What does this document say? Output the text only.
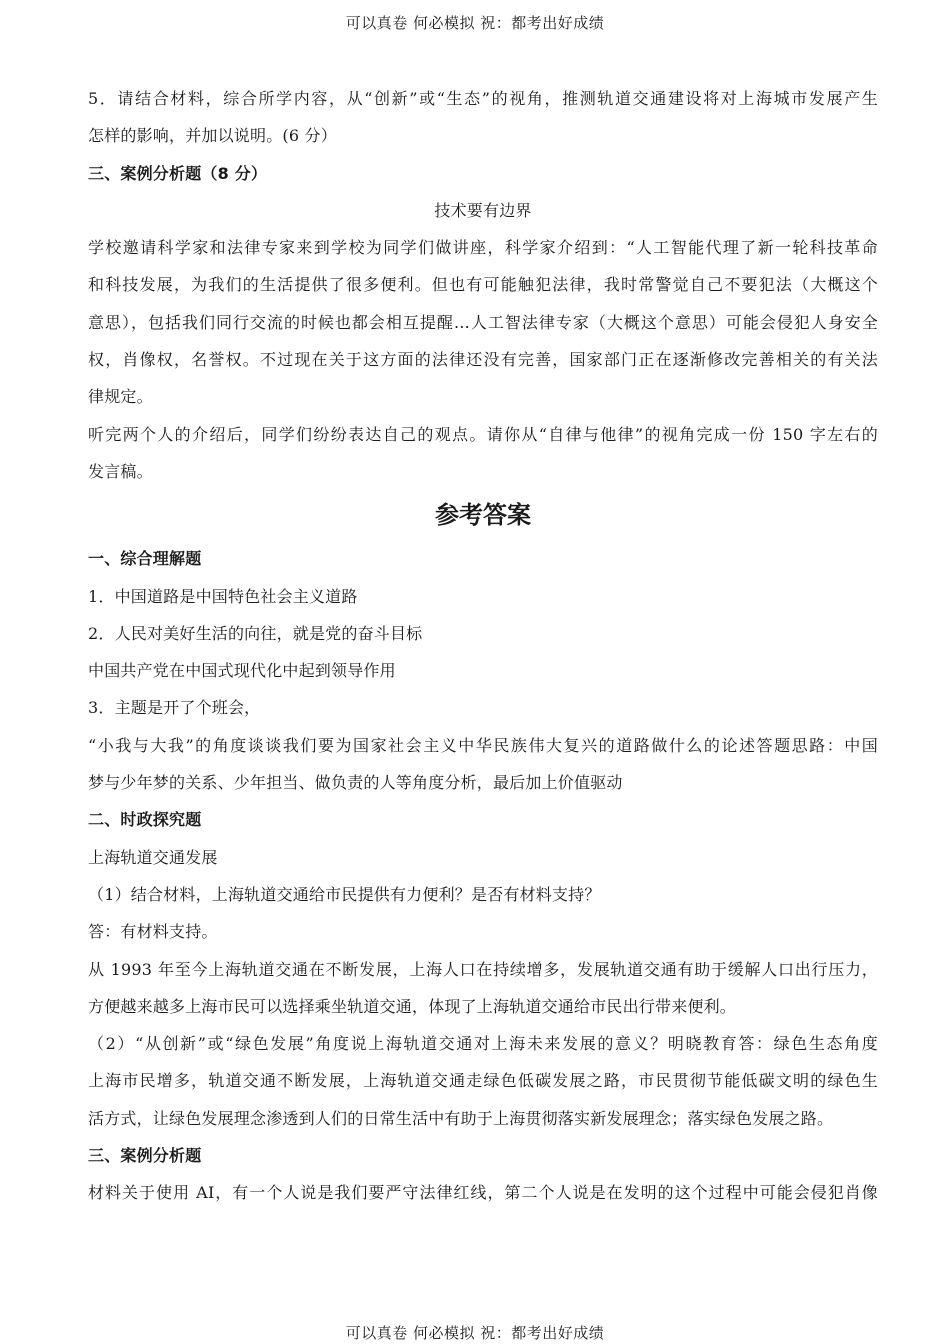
可以真卷 何必模拟 祝：都考出好成绩
5．请结合材料，综合所学内容，从“创新”或“生态”的视角，推测轨道交通建设将对上海城市发展产生
怎样的影响，并加以说明。(6 分）
三、案例分析题（8 分）
技术要有边界
学校邀请科学家和法律专家来到学校为同学们做讲座，科学家介绍到：“人工智能代理了新一轮科技革命
和科技发展，为我们的生活提供了很多便利。但也有可能触犯法律，我时常警觉自己不要犯法（大概这个
意思），包括我们同行交流的时候也都会相互提醒…人工智法律专家（大概这个意思）可能会侵犯人身安全
权，肖像权，名誉权。不过现在关于这方面的法律还没有完善，国家部门正在逐渐修改完善相关的有关法
律规定。
听完两个人的介绍后，同学们纷纷表达自己的观点。请你从“自律与他律”的视角完成一份 150 字左右的
发言稿。
参考答案
一、综合理解题
1．中国道路是中国特色社会主义道路
2．人民对美好生活的向往，就是党的奋斗目标
中国共产党在中国式现代化中起到领导作用
3．主题是开了个班会，
“小我与大我”的角度谈谈我们要为国家社会主义中华民族伟大复兴的道路做什么的论述答题思路：中国
梦与少年梦的关系、少年担当、做负责的人等角度分析，最后加上价值驱动
二、时政探究题
上海轨道交通发展
（1）结合材料，上海轨道交通给市民提供有力便利？是否有材料支持？
答：有材料支持。
从 1993 年至今上海轨道交通在不断发展，上海人口在持续增多，发展轨道交通有助于缓解人口出行压力，
方便越来越多上海市民可以选择乘坐轨道交通，体现了上海轨道交通给市民出行带来便利。
（2）“从创新”或“绿色发展”角度说上海轨道交通对上海未来发展的意义？明晓教育答：绿色生态角度
上海市民增多，轨道交通不断发展，上海轨道交通走绿色低碳发展之路，市民贯彻节能低碳文明的绿色生
活方式，让绿色发展理念渗透到人们的日常生活中有助于上海贯彻落实新发展理念；落实绿色发展之路。
三、案例分析题
材料关于使用 AI，有一个人说是我们要严守法律红线，第二个人说是在发明的这个过程中可能会侵犯肖像
可以真卷 何必模拟 祝：都考出好成绩
